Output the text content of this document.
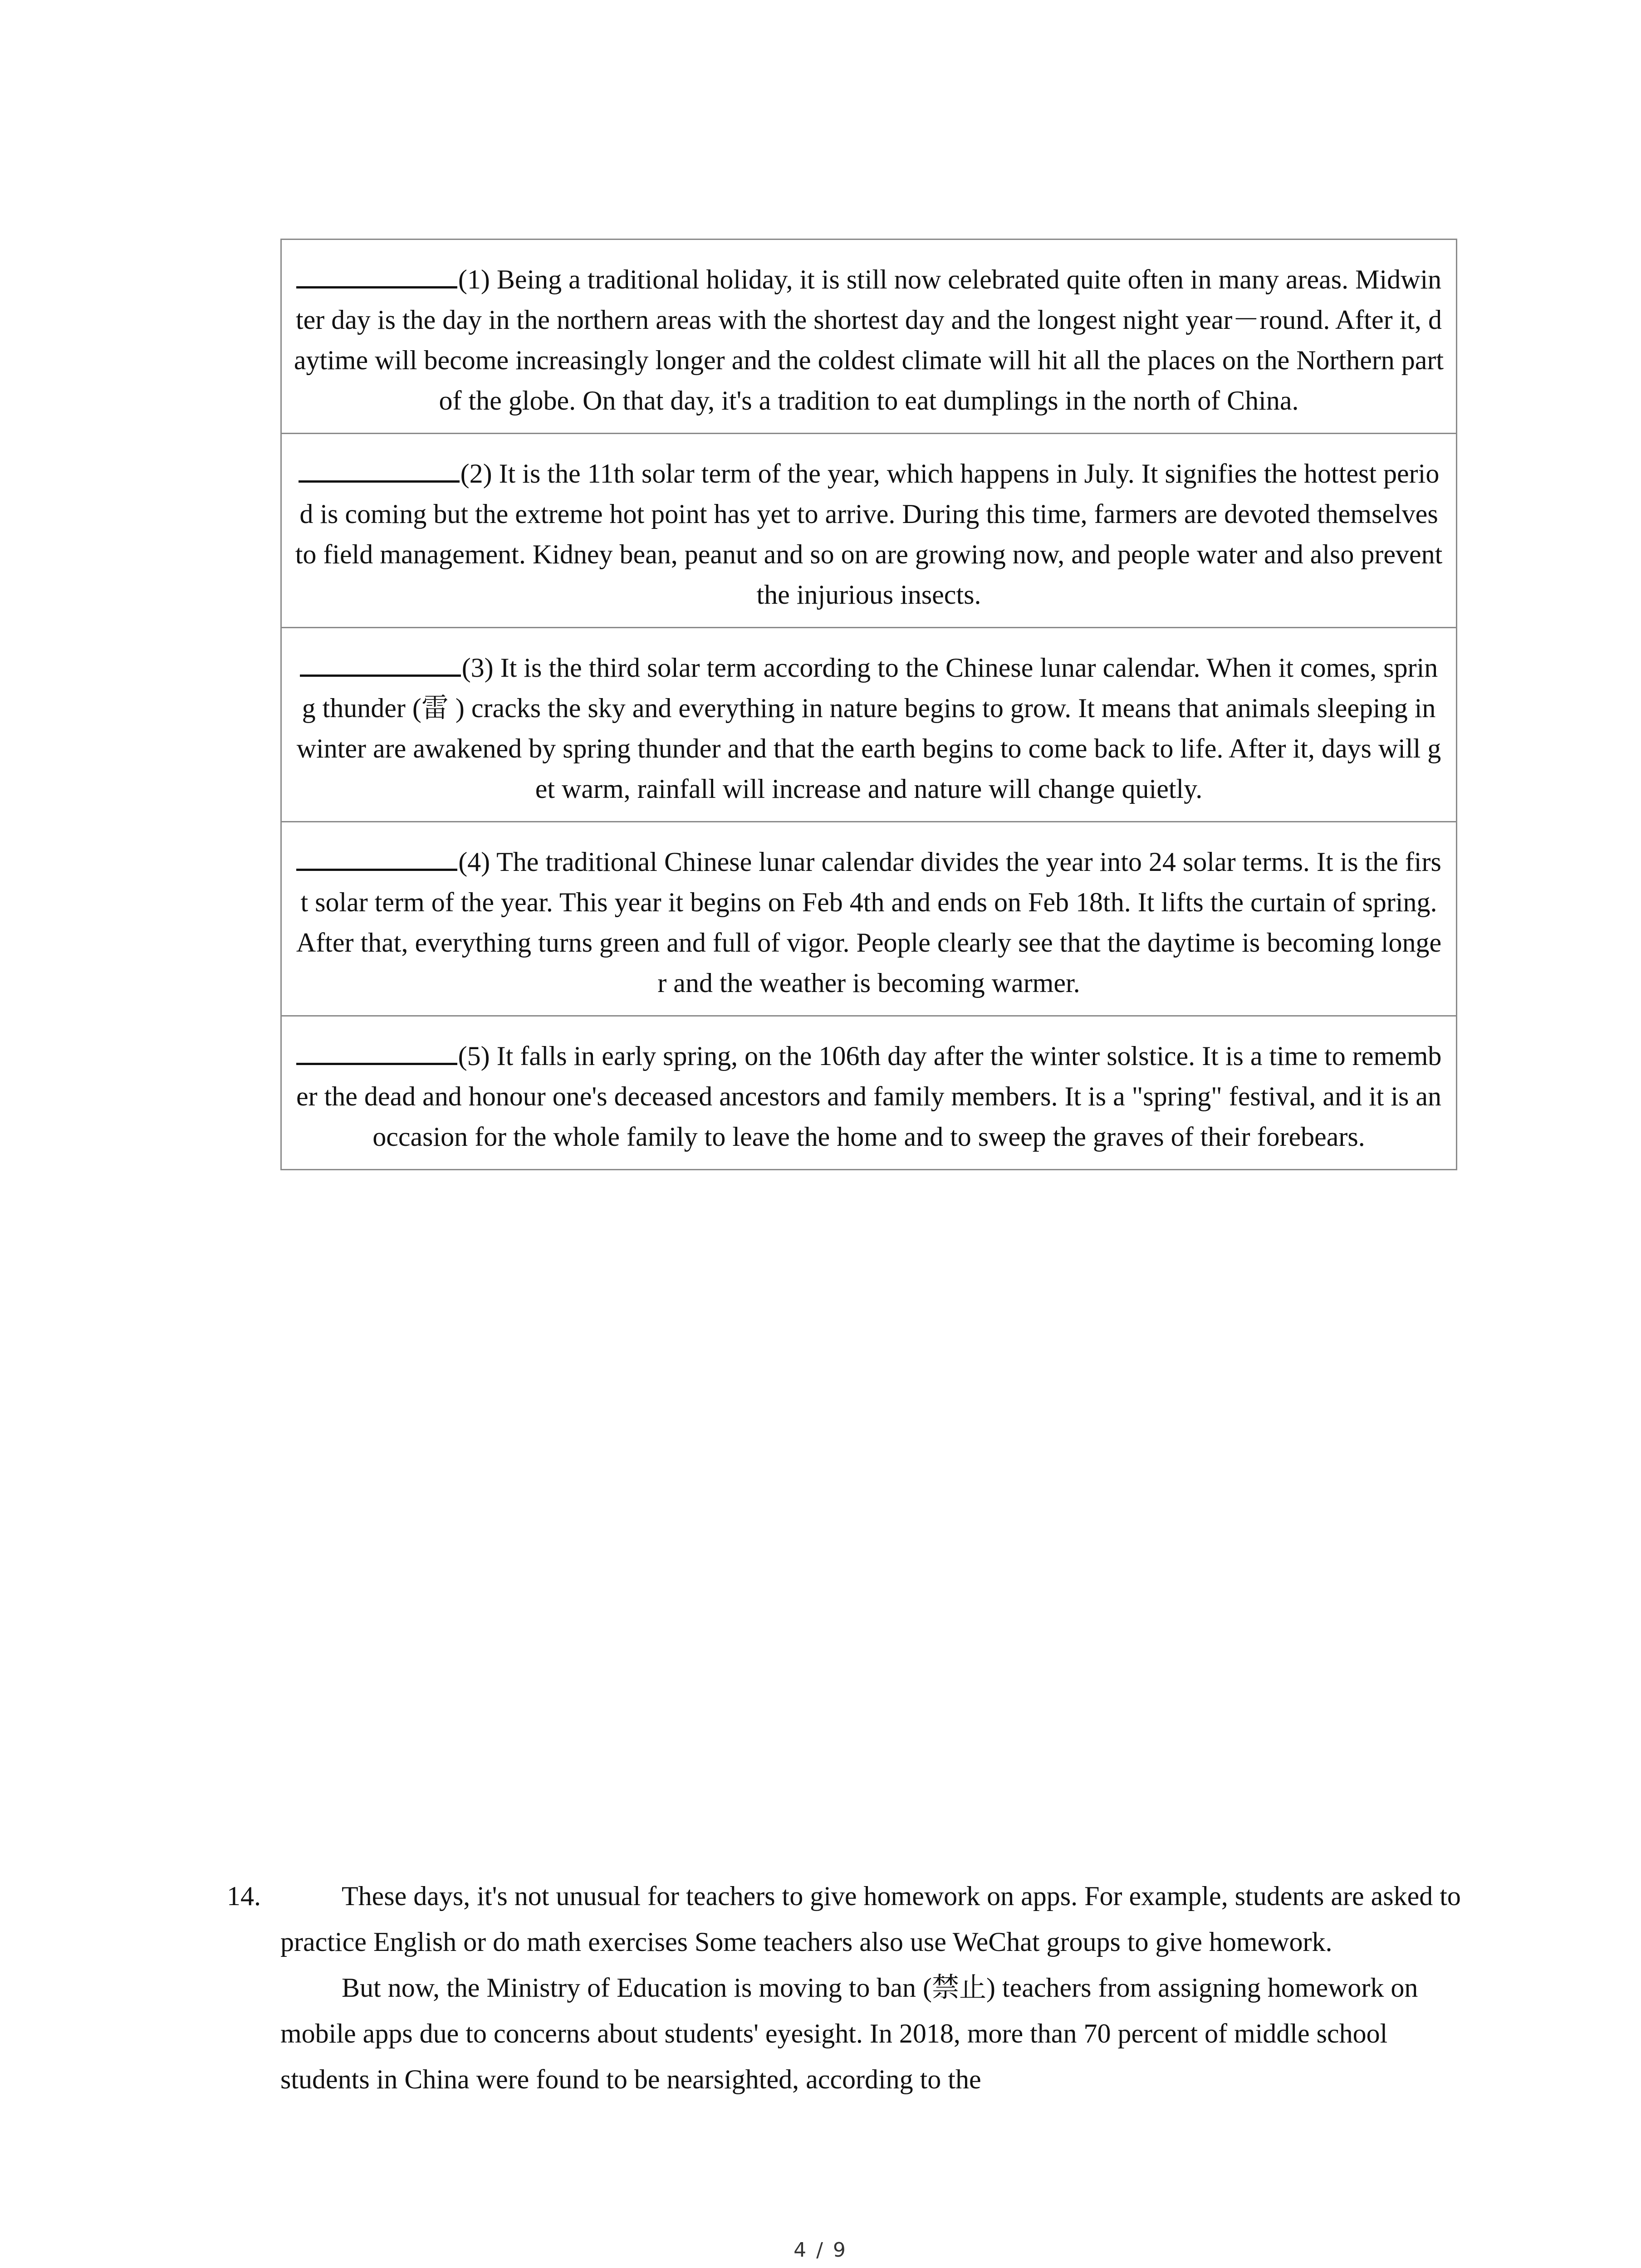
(1) Being a traditional holiday, it is still now celebrated quite often in many areas. Midwinter day is the day in the northern areas with the shortest day and the longest night year－round. After it, daytime will become increasingly longer and the coldest climate will hit all the places on the Northern part of the globe. On that day, it's a tradition to eat dumplings in the north of China.
(2) It is the 11th solar term of the year, which happens in July. It signifies the hottest period is coming but the extreme hot point has yet to arrive. During this time, farmers are devoted themselves to field management. Kidney bean, peanut and so on are growing now, and people water and also prevent the injurious insects.
(3) It is the third solar term according to the Chinese lunar calendar. When it comes, spring thunder (雷 ) cracks the sky and everything in nature begins to grow. It means that animals sleeping in winter are awakened by spring thunder and that the earth begins to come back to life. After it, days will get warm, rainfall will increase and nature will change quietly.
(4) The traditional Chinese lunar calendar divides the year into 24 solar terms. It is the first solar term of the year. This year it begins on Feb 4th and ends on Feb 18th. It lifts the curtain of spring. After that, everything turns green and full of vigor. People clearly see that the daytime is becoming longer and the weather is becoming warmer.
(5) It falls in early spring, on the 106th day after the winter solstice. It is a time to remember the dead and honour one's deceased ancestors and family members. It is a "spring" festival, and it is an occasion for the whole family to leave the home and to sweep the graves of their forebears.
14.	These days, it's not unusual for teachers to give homework on apps. For example, students are asked to practice English or do math exercises Some teachers also use WeChat groups to give homework.

But now, the Ministry of Education is moving to ban (禁止) teachers from assigning homework on mobile apps due to concerns about students' eyesight. In 2018, more than 70 percent of middle school students in China were found to be nearsighted, according to the

4 / 9
